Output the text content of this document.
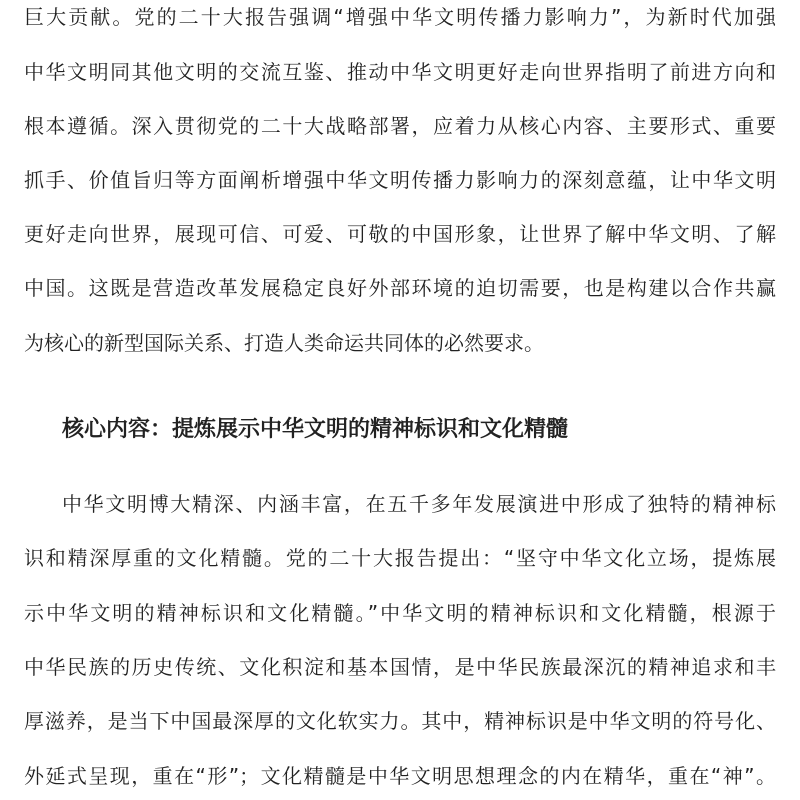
巨大贡献。党的二十大报告强调“增强中华文明传播力影响力”，为新时代加强
中华文明同其他文明的交流互鉴、推动中华文明更好走向世界指明了前进方向和
根本遵循。深入贯彻党的二十大战略部署，应着力从核心内容、主要形式、重要
抓手、价值旨归等方面阐析增强中华文明传播力影响力的深刻意蕴，让中华文明
更好走向世界，展现可信、可爱、可敬的中国形象，让世界了解中华文明、了解
中国。这既是营造改革发展稳定良好外部环境的迫切需要，也是构建以合作共赢
为核心的新型国际关系、打造人类命运共同体的必然要求。
核心内容：提炼展示中华文明的精神标识和文化精髓
中华文明博大精深、内涵丰富，在五千多年发展演进中形成了独特的精神标
识和精深厚重的文化精髓。党的二十大报告提出：“坚守中华文化立场，提炼展
示中华文明的精神标识和文化精髓。”中华文明的精神标识和文化精髓，根源于
中华民族的历史传统、文化积淀和基本国情，是中华民族最深沉的精神追求和丰
厚滋养，是当下中国最深厚的文化软实力。其中，精神标识是中华文明的符号化、
外延式呈现，重在“形”；文化精髓是中华文明思想理念的内在精华，重在“神”。
